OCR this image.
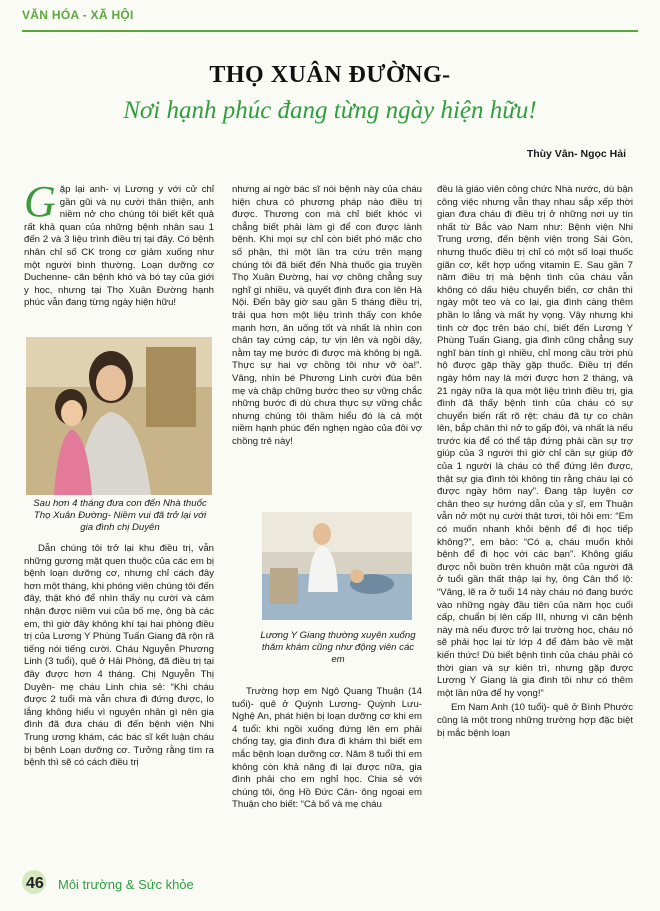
VĂN HÓA - XÃ HỘI
THỌ XUÂN ĐƯỜNG-
Nơi hạnh phúc đang từng ngày hiện hữu!
Thùy Vân- Ngọc Hải

Gặp lại anh- vị Lương y với cử chỉ gần gũi và nụ cười thân thiện, anh niềm nở cho chúng tôi biết kết quả rất khả quan của những bệnh nhân sau 1 đến 2 và 3 liệu trình điều trị tại đây. Có bệnh nhân chỉ số CK trong cơ giảm xuống như một người bình thường. Loạn dưỡng cơ Duchenne- căn bệnh khó và bó tay của giới y học, nhưng tại Thọ Xuân Đường hạnh phúc vẫn đang từng ngày hiện hữu!

Sau hơn 4 tháng đưa con đến Nhà thuốc Thọ Xuân Đường- Niềm vui đã trở lại với gia đình chị Duyên

Dẫn chúng tôi trở lại khu điều trị, vẫn những gương mặt quen thuộc của các em bị bệnh loạn dưỡng cơ, nhưng chỉ cách đây hơn một tháng, khi phóng viên chúng tôi đến đây, thật khó để nhìn thấy nụ cười và cảm nhận được niềm vui của bố mẹ, ông bà các em, thì giờ đây không khí tại hai phòng điều trị của Lương Y Phùng Tuấn Giang đã rộn rã tiếng nói tiếng cười. Cháu Nguyễn Phương Linh (3 tuổi), quê ở Hải Phòng, đã điều trị tại đây được hơn 4 tháng. Chị Nguyễn Thị Duyên- mẹ cháu Linh chia sẻ: “Khi cháu được 2 tuổi mà vẫn chưa đi đứng được, lo lắng không hiểu vì nguyên nhân gì nên gia đình đã đưa cháu đi đến bệnh viện Nhi Trung ương khám, các bác sĩ kết luận cháu bị bệnh Loạn dưỡng cơ. Tưởng rằng tìm ra bệnh thì sẽ có cách điều trị

nhưng ai ngờ bác sĩ nói bệnh này của cháu hiện chưa có phương pháp nào điều trị được. Thương con mà chỉ biết khóc vì chẳng biết phải làm gì để con được lành bệnh. Khi mọi sự chỉ còn biết phó mặc cho số phận, thì một lần tra cứu trên mạng chúng tôi đã biết đến Nhà thuốc gia truyền Thọ Xuân Đường, hai vợ chồng chẳng suy nghĩ gì nhiều, và quyết định đưa con lên Hà Nội. Đến bây giờ sau gần 5 tháng điều trị, trải qua hơn một liệu trình thấy con khỏe mạnh hơn, ăn uống tốt và nhất là nhìn con chân tay cứng cáp, tự vịn lên và ngồi dậy, nằm tay mẹ bước đi được mà không bị ngã. Thực sự hai vợ chồng tôi như vỡ òa!”. Vâng, nhìn bé Phương Linh cười đùa bên mẹ và chập chững bước theo sự vững chắc những bước đi dù chưa thực sự vững chắc nhưng chúng tôi thầm hiểu đó là cả một niềm hạnh phúc đến nghẹn ngào của đôi vợ chồng trẻ này!

Lương Y Giang thường xuyên xuống thăm khám cũng như động viên các em

Trường hợp em Ngô Quang Thuận (14 tuổi)- quê ở Quỳnh Lương- Quỳnh Lưu- Nghệ An, phát hiện bị loạn dưỡng cơ khi em 4 tuổi: khi ngồi xuống đứng lên em phải chống tay, gia đình đưa đi khám thì biết em mắc bệnh loạn dưỡng cơ. Năm 8 tuổi thì em không còn khả năng đi lại được nữa, gia đình phải cho em nghỉ học. Chia sẻ với chúng tôi, ông Hồ Đức Cân- ông ngoại em Thuận cho biết: “Cả bố và mẹ cháu

đều là giáo viên công chức Nhà nước, dù bận công việc nhưng vẫn thay nhau sắp xếp thời gian đưa cháu đi điều trị ở những nơi uy tín nhất từ Bắc vào Nam như: Bệnh viện Nhi Trung ương, đến bệnh viện trong Sài Gòn, nhưng thuốc điều trị chỉ có một số loại thuốc giãn cơ, kết hợp uống vitamin E. Sau gần 7 năm điều trị mà bệnh tình của cháu vẫn không có dấu hiệu chuyển biến, cơ chân thì ngày một teo và co lại, gia đình càng thêm phần lo lắng và mất hy vọng. Vậy nhưng khi tình cờ đọc trên báo chí, biết đến Lương Y Phùng Tuấn Giang, gia đình cũng chẳng suy nghĩ bàn tính gì nhiều, chỉ mong cầu trời phù hộ được gặp thầy gặp thuốc. Điều trị đến ngày hôm nay là mới được hơn 2 tháng, và 21 ngày nữa là qua một liệu trình điều trị, gia đình đã thấy bệnh tình của cháu có sự chuyển biến rất rõ rệt: cháu đã tự co chân lên, bắp chân thì nở to gấp đôi, và nhất là nếu trước kia để có thể tập đứng phải cần sự trợ giúp của 3 người thì giờ chỉ cần sự giúp đỡ của 1 người là cháu có thể đứng lên được, thật sự gia đình tôi không tin rằng cháu lại có được ngày hôm nay”. Đang tập luyện cơ chân theo sự hướng dẫn của y sĩ, em Thuận vẫn nở một nụ cười thật tươi, tôi hỏi em: “Em có muốn nhanh khỏi bệnh để đi học tiếp không?”, em bảo: “Có ạ, cháu muốn khỏi bệnh để đi học với các bạn”. Không giấu được nỗi buồn trên khuôn mặt của người đã ở tuổi gần thất thập lại hy, ông Cân thổ lộ: “Vâng, lẽ ra ở tuổi 14 này cháu nó đang bước vào những ngày đầu tiên của năm học cuối cấp, chuẩn bị lên cấp III, nhưng vì căn bệnh này mà nếu được trở lại trường học, cháu nó sẽ phải học lại từ lớp 4 để đảm bảo về mặt kiến thức! Dù biết bệnh tình của cháu phải có thời gian và sự kiên trì, nhưng gặp được Lương Y Giang là gia đình tôi như có thêm một lần nữa để hy vọng!”

Em Nam Anh (10 tuổi)- quê ở Bình Phước cũng là một trong những trường hợp đặc biệt bị mắc bệnh loạn

46 Môi trường & Sức khỏe
